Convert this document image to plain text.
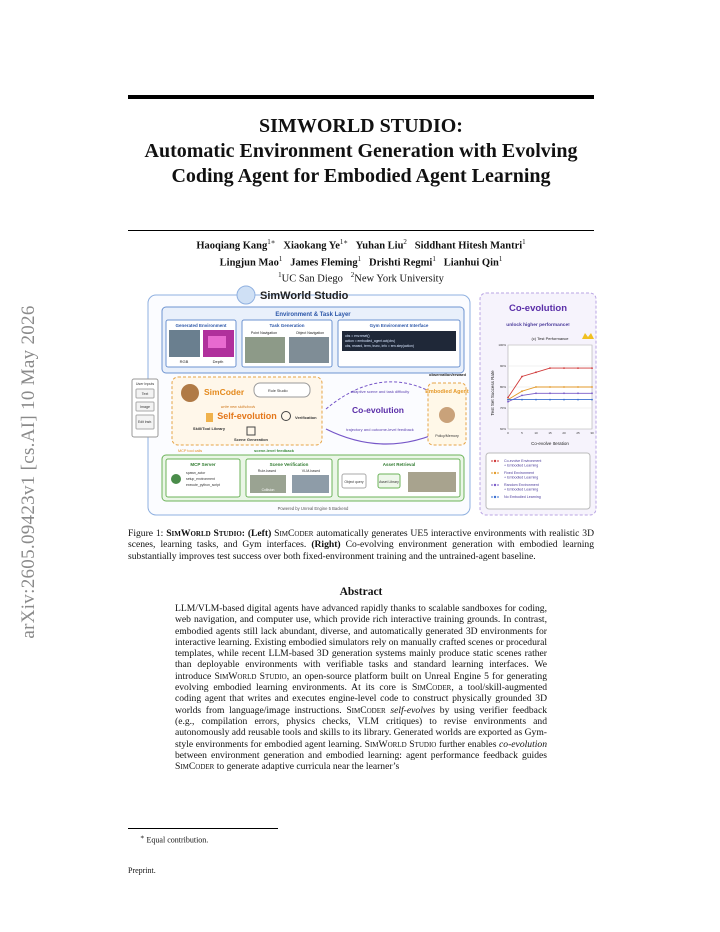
arXiv:2605.09423v1 [cs.AI] 10 May 2026
SIMWORLD STUDIO:
Automatic Environment Generation with Evolving
Coding Agent for Embodied Agent Learning
Haoqiang Kang$^{1∗}$ Xiaokang $Ye^{1∗}$ Yuhan Liu$^2$ Siddhant Hitesh Mantri$^1$
Lingjun Mao$^1$ James Fleming$^1$ Drishti Regmi$^1$ Lianhui Qin$^1$
$^1$UC San Diego $^2$New York University
SimWorld Studio
Environment & Task Layer
Generated Environment
RGB	Depth
Task Generation
Point Navigation	Object Navigation
Gym Environment Interface
obs = env.reset()
action = embodied_agent.act(obs)
obs, reward, term, trunc, info = env.step(action)
User Inputs
Text
Image
Edit Instr.
SimCoder	Rule Studio
write new skills/tools
Self-evolution
Skill/Tool Library
Verification
Scene Generation
observation/reward
adaptive scene and task difficulty
Co-evolution
trajectory and outcome-level feedback
Embodied Agent
Policy/Memory
scene-level feedback
MCP tool calls
MCP Server
spawn_actor
setup_environment
execute_python_script
Scene Verification
Rule-based	VLM-based
Collision
Asset Retrieval
Object query	Asset Library
Powered by Unreal Engine 5 Backend
Co-evolution
unlock higher performance!
(c) Test Performance
Test Set Success Rate
60%
70%
80%
90%
100%
0	5	10	15	20	25	30
Co-evolve Iteration
Co-evolve Environment
+ Embodied Learning
Fixed Environment
+ Embodied Learning
Random Environment
+ Embodied Learning
No Embodied Learning
Figure 1: SimWorld Studio: (Left) SimCoder automatically generates UE5 interactive environments with realistic 3D scenes, learning tasks, and Gym interfaces. (Right) Co-evolving environment generation with embodied learning substantially improves test success over both fixed-environment training and the untrained-agent baseline.
Abstract
LLM/VLM-based digital agents have advanced rapidly thanks to scalable sandboxes for coding, web navigation, and computer use, which provide rich interactive training grounds. In contrast, embodied agents still lack abundant, diverse, and automatically generated 3D environments for interactive learning. Existing embodied simulators rely on manually crafted scenes or procedural templates, while recent LLM-based 3D generation systems mainly produce static scenes rather than deployable environments with verifiable tasks and standard learning interfaces. We introduce SimWorld Studio, an open-source platform built on Unreal Engine 5 for generating evolving embodied learning environments. At its core is SimCoder, a tool/skill-augmented coding agent that writes and executes engine-level code to construct physically grounded 3D worlds from language/image instructions. SimCoder self-evolves by using verifier feedback (e.g., compilation errors, physics checks, VLM critiques) to revise environments and autonomously add reusable tools and skills to its library. Generated worlds are exported as Gym-style environments for embodied agent learning. SimWorld Studio further enables co-evolution between environment generation and embodied learning: agent performance feedback guides SimCoder to generate adaptive curricula near the learner’s
∗ Equal contribution.
Preprint.
